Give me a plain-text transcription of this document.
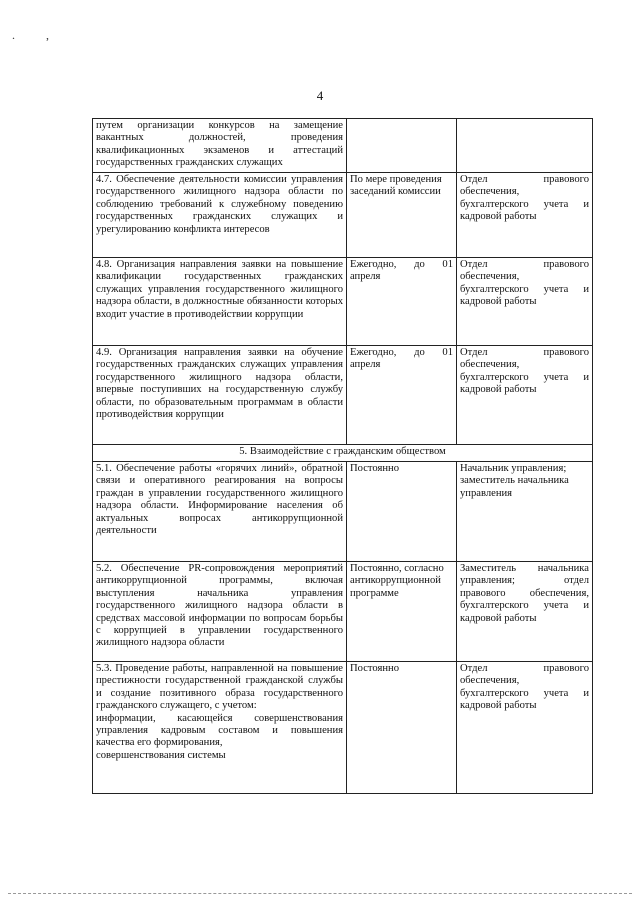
. ,
4
путем организации конкурсов на замещение вакантных должностей, проведения квалификационных экзаменов и аттестаций государственных гражданских служащих		
4.7. Обеспечение деятельности комиссии управления государственного жилищного надзора области по соблюдению требований к служебному поведению государственных гражданских служащих и урегулированию конфликта интересов	По мере проведения заседаний комиссии	Отдел правового обеспечения, бухгалтерского учета и кадровой работы
4.8. Организация направления заявки на повышение квалификации государственных гражданских служащих управления государственного жилищного надзора области, в должностные обязанности которых входит участие в противодействии коррупции	Ежегодно, до 01 апреля	Отдел правового обеспечения, бухгалтерского учета и кадровой работы
4.9. Организация направления заявки на обучение государственных гражданских служащих управления государственного жилищного надзора области, впервые поступивших на государственную службу области, по образовательным программам в области противодействия коррупции	Ежегодно, до 01 апреля	Отдел правового обеспечения, бухгалтерского учета и кадровой работы
5. Взаимодействие с гражданским обществом		
5.1. Обеспечение работы «горячих линий», обратной связи и оперативного реагирования на вопросы граждан в управлении государственного жилищного надзора области. Информирование населения об актуальных вопросах антикоррупционной деятельности	Постоянно	Начальник управления; заместитель начальника управления
5.2. Обеспечение PR-сопровождения мероприятий антикоррупционной программы, включая выступления начальника управления государственного жилищного надзора области в средствах массовой информации по вопросам борьбы с коррупцией в управлении государственного жилищного надзора области	Постоянно, согласно антикоррупционной программе	Заместитель начальника управления; отдел правового обеспечения, бухгалтерского учета и кадровой работы

5.3. Проведение работы, направленной на повышение престижности государственной гражданской службы и создание позитивного образа государственного гражданского служащего, с учетом:
информации, касающейся совершенствования управления кадровым составом и повышения качества его формирования,
совершенствования системы	Постоянно	Отдел правового обеспечения, бухгалтерского учета и кадровой работы
